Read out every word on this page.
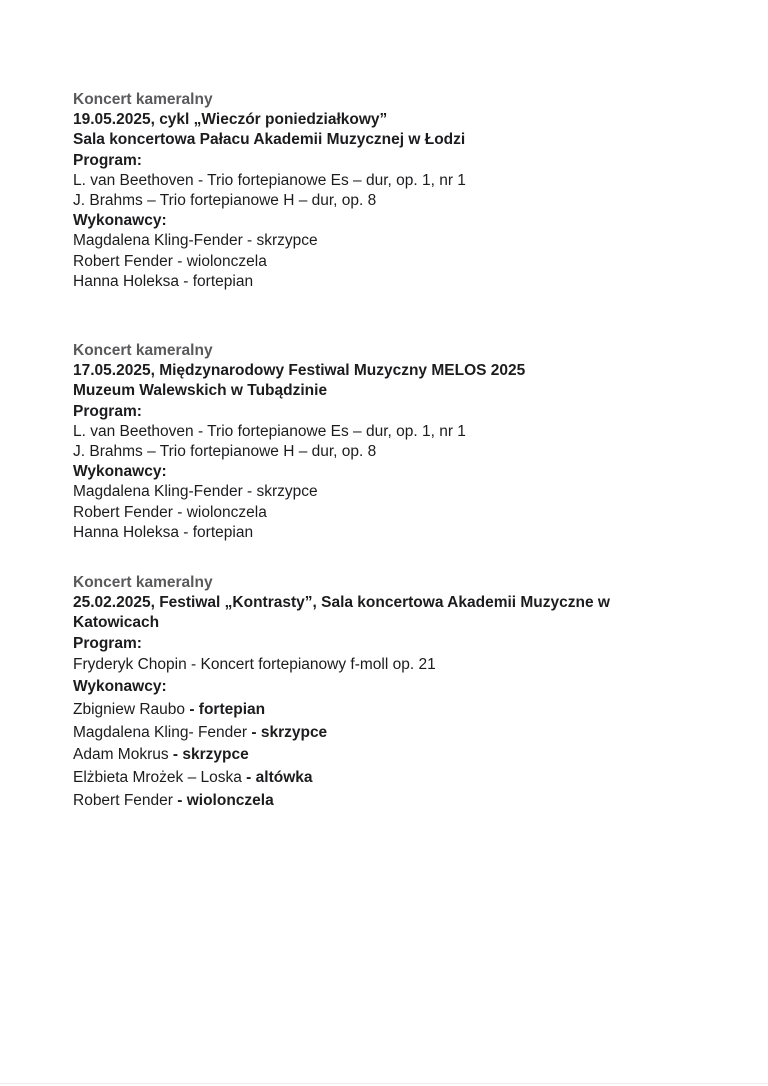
Koncert kameralny
19.05.2025, cykl „Wieczór poniedziałkowy”
Sala koncertowa Pałacu Akademii Muzycznej w Łodzi
Program:
L. van Beethoven - Trio fortepianowe Es – dur, op. 1, nr 1
J. Brahms – Trio fortepianowe H – dur, op. 8
Wykonawcy:
Magdalena Kling-Fender - skrzypce
Robert Fender - wiolonczela
Hanna Holeksa - fortepian
Koncert kameralny
17.05.2025, Międzynarodowy Festiwal Muzyczny MELOS 2025
Muzeum Walewskich w Tubądzinie
Program:
L. van Beethoven - Trio fortepianowe Es – dur, op. 1, nr 1
J. Brahms – Trio fortepianowe H – dur, op. 8
Wykonawcy:
Magdalena Kling-Fender - skrzypce
Robert Fender - wiolonczela
Hanna Holeksa - fortepian
Koncert kameralny
25.02.2025, Festiwal „Kontrasty”, Sala koncertowa Akademii Muzyczne w
Katowicach
Program:
Fryderyk Chopin - Koncert fortepianowy f-moll op. 21
Wykonawcy:
Zbigniew Raubo - fortepian
Magdalena Kling- Fender - skrzypce
Adam Mokrus - skrzypce
Elżbieta Mrożek – Loska - altówka
Robert Fender - wiolonczela
